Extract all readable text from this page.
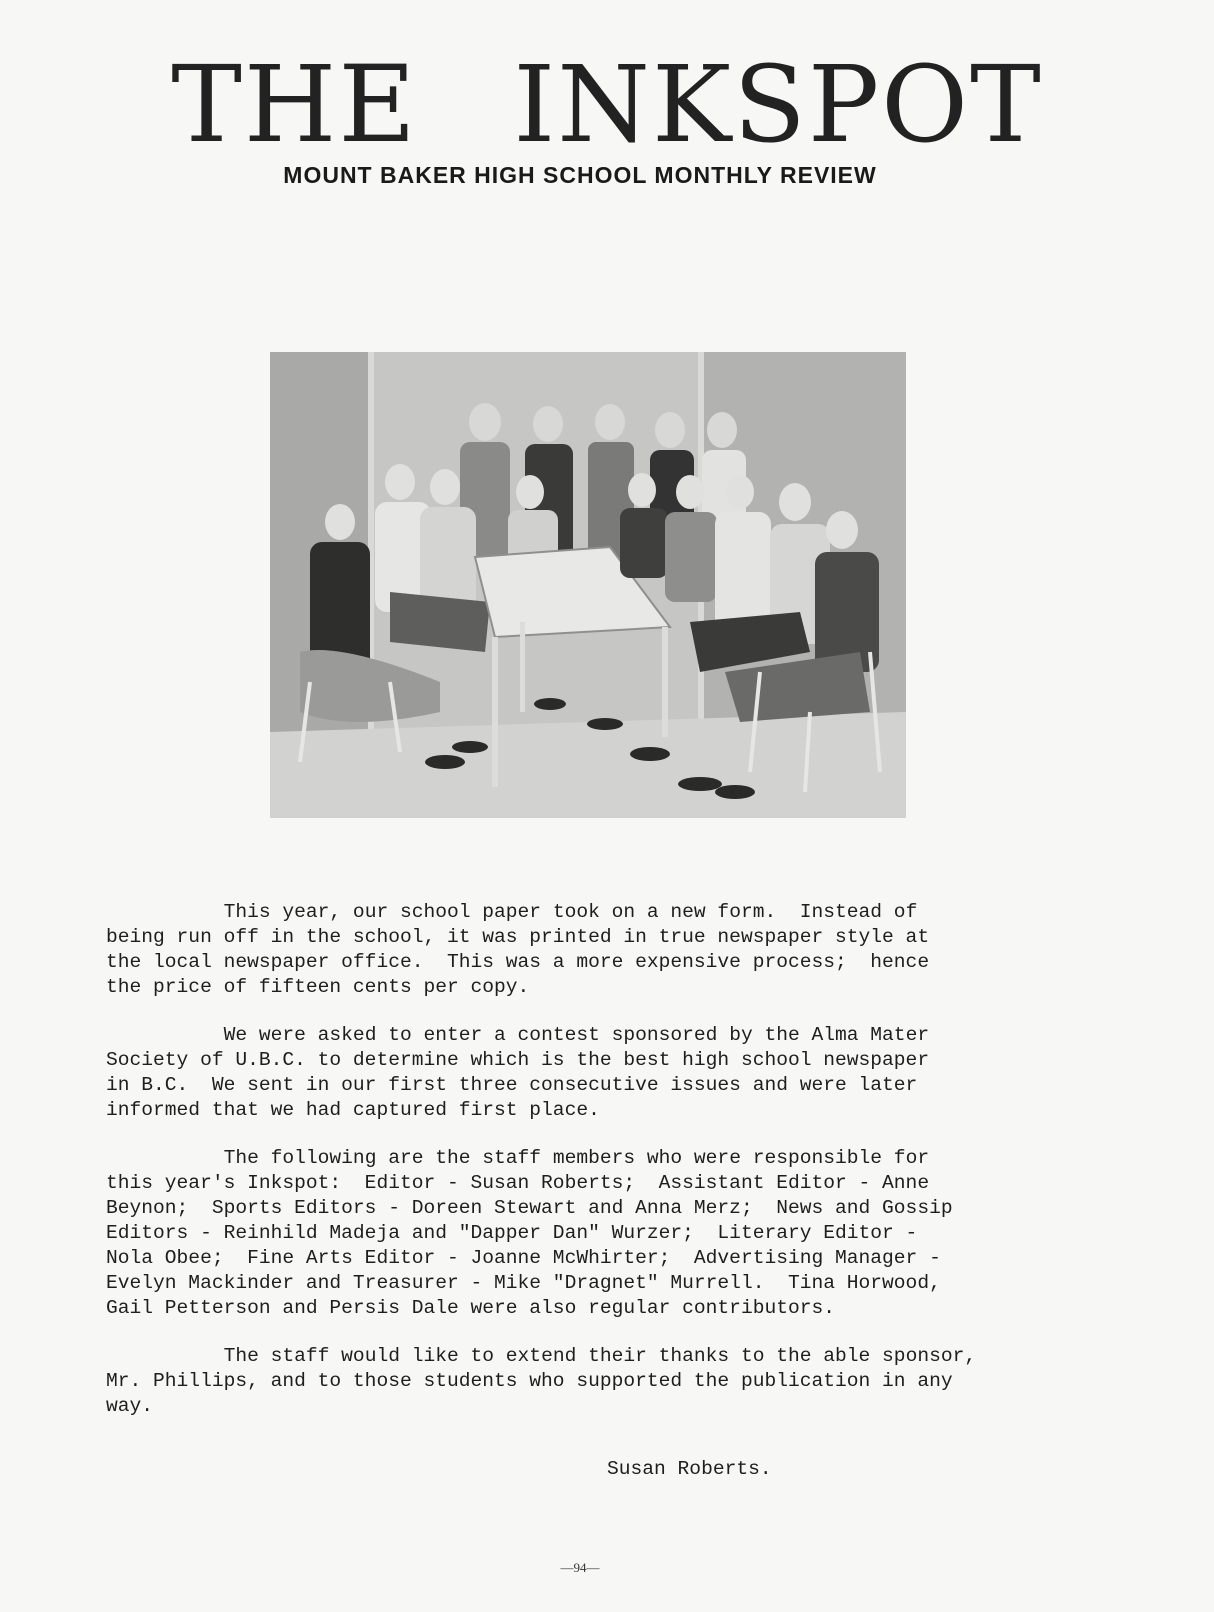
THE INKSPOT
MOUNT BAKER HIGH SCHOOL MONTHLY REVIEW

This year, our school paper took on a new form.  Instead of
being run off in the school, it was printed in true newspaper style at
the local newspaper office.  This was a more expensive process;  hence
the price of fifteen cents per copy.

We were asked to enter a contest sponsored by the Alma Mater
Society of U.B.C. to determine which is the best high school newspaper
in B.C.  We sent in our first three consecutive issues and were later
informed that we had captured first place.

The following are the staff members who were responsible for
this year's Inkspot:  Editor - Susan Roberts;  Assistant Editor - Anne
Beynon;  Sports Editors - Doreen Stewart and Anna Merz;  News and Gossip
Editors - Reinhild Madeja and "Dapper Dan" Wurzer;  Literary Editor -
Nola Obee;  Fine Arts Editor - Joanne McWhirter;  Advertising Manager -
Evelyn Mackinder and Treasurer - Mike "Dragnet" Murrell.  Tina Horwood,
Gail Petterson and Persis Dale were also regular contributors.

The staff would like to extend their thanks to the able sponsor,
Mr. Phillips, and to those students who supported the publication in any
way.

Susan Roberts.
—94—
